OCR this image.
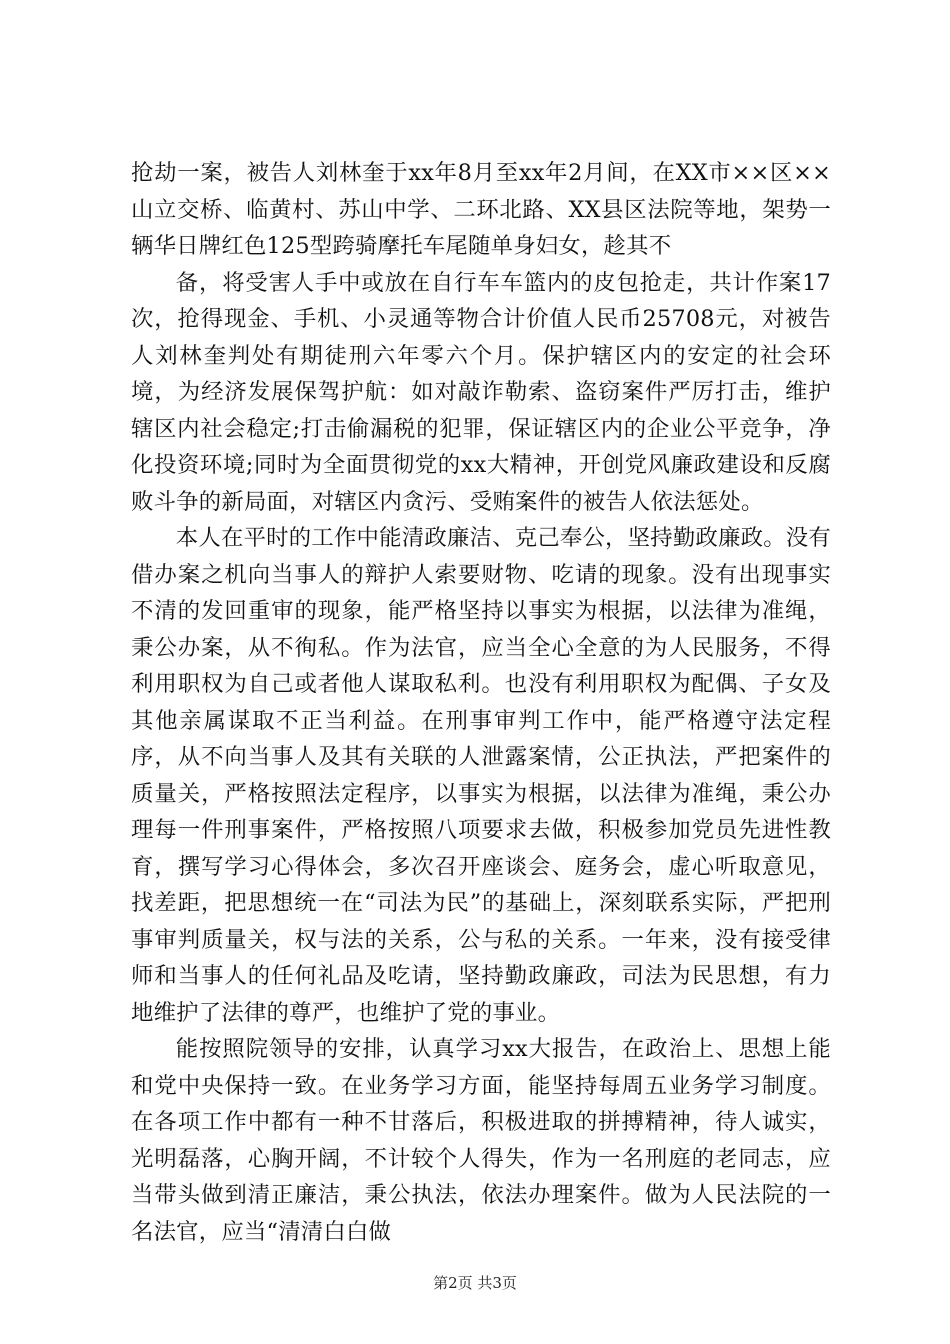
抢劫一案，被告人刘林奎于xx年8月至xx年2月间，在XX市××区××山立交桥、临黄村、苏山中学、二环北路、XX县区法院等地，架势一辆华日牌红色125型跨骑摩托车尾随单身妇女，趁其不

备，将受害人手中或放在自行车车篮内的皮包抢走，共计作案17次，抢得现金、手机、小灵通等物合计价值人民币25708元，对被告人刘林奎判处有期徒刑六年零六个月。保护辖区内的安定的社会环境，为经济发展保驾护航：如对敲诈勒索、盗窃案件严厉打击，维护辖区内社会稳定;打击偷漏税的犯罪，保证辖区内的企业公平竞争，净化投资环境;同时为全面贯彻党的xx大精神，开创党风廉政建设和反腐败斗争的新局面，对辖区内贪污、受贿案件的被告人依法惩处。

本人在平时的工作中能清政廉洁、克己奉公，坚持勤政廉政。没有借办案之机向当事人的辩护人索要财物、吃请的现象。没有出现事实不清的发回重审的现象，能严格坚持以事实为根据，以法律为准绳，秉公办案，从不徇私。作为法官，应当全心全意的为人民服务，不得利用职权为自己或者他人谋取私利。也没有利用职权为配偶、子女及其他亲属谋取不正当利益。在刑事审判工作中，能严格遵守法定程序，从不向当事人及其有关联的人泄露案情，公正执法，严把案件的质量关，严格按照法定程序，以事实为根据，以法律为准绳，秉公办理每一件刑事案件，严格按照八项要求去做，积极参加党员先进性教育，撰写学习心得体会，多次召开座谈会、庭务会，虚心听取意见，找差距，把思想统一在“司法为民”的基础上，深刻联系实际，严把刑事审判质量关，权与法的关系，公与私的关系。一年来，没有接受律师和当事人的任何礼品及吃请，坚持勤政廉政，司法为民思想，有力地维护了法律的尊严，也维护了党的事业。

能按照院领导的安排，认真学习xx大报告，在政治上、思想上能和党中央保持一致。在业务学习方面，能坚持每周五业务学习制度。在各项工作中都有一种不甘落后，积极进取的拼搏精神，待人诚实，光明磊落，心胸开阔，不计较个人得失，作为一名刑庭的老同志，应当带头做到清正廉洁，秉公执法，依法办理案件。做为人民法院的一名法官，应当“清清白白做

第2页 共3页
